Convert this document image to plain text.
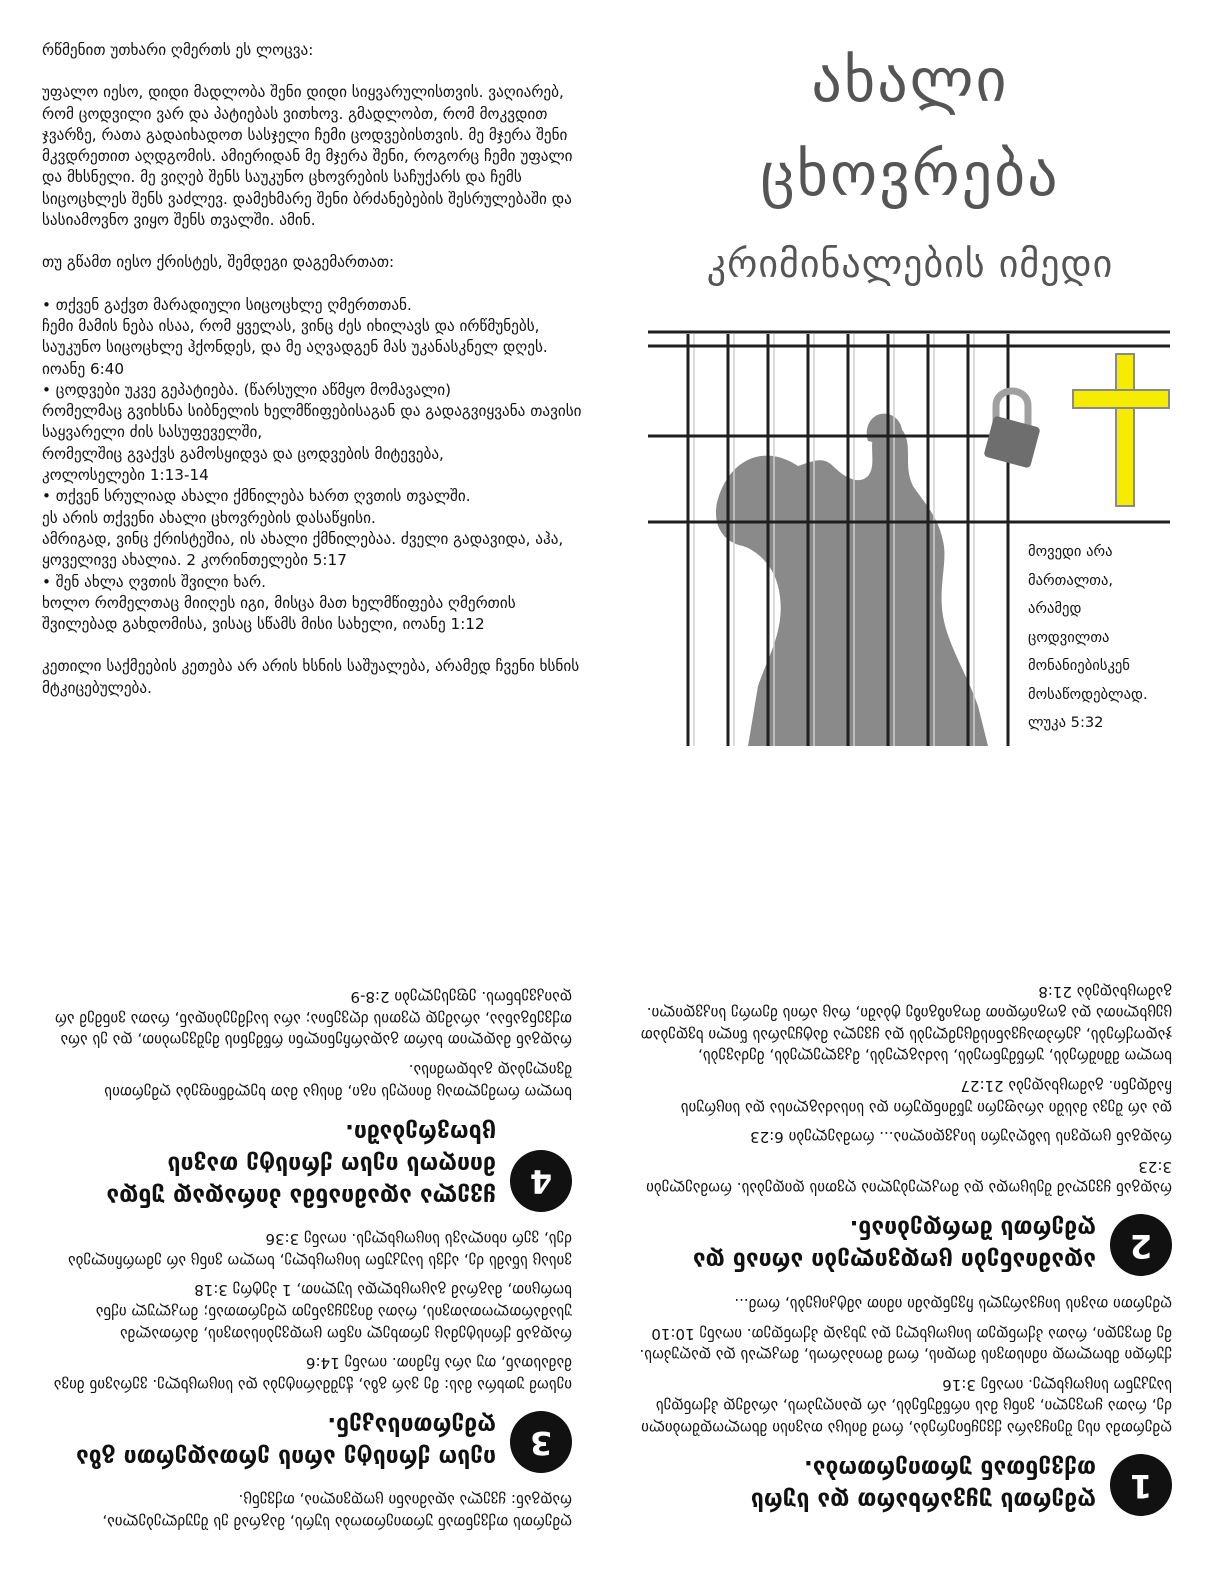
რწმენით უთხარი ღმერთს ეს ლოცვა:

უფალო იესო, დიდი მადლობა შენი დიდი სიყვარულისთვის. ვაღიარებ, რომ ცოდვილი ვარ და პატიებას ვითხოვ. გმადლობთ, რომ მოკვდით ჯვარზე, რათა გადაიხადოთ სასჯელი ჩემი ცოდვებისთვის. მე მჯერა შენი მკვდრეთით აღდგომის. ამიერიდან მე მჯერა შენი, როგორც ჩემი უფალი და მხსნელი. მე ვიღებ შენს საუკუნო ცხოვრების საჩუქარს და ჩემს სიცოცხლეს შენს ვაძლევ. დამეხმარე შენი ბრძანებების შესრულებაში და სასიამოვნო ვიყო შენს თვალში. ამინ.

თუ გწამთ იესო ქრისტეს, შემდეგი დაგემართათ:

• თქვენ გაქვთ მარადიული სიცოცხლე ღმერთთან.
ჩემი მამის ნება ისაა, რომ ყველას, ვინც ძეს იხილავს და ირწმუნებს, საუკუნო სიცოცხლე ჰქონდეს, და მე აღვადგენ მას უკანასკნელ დღეს. იოანე 6:40

• ცოდვები უკვე გეპატიება. (წარსული აწმყო მომავალი)
რომელმაც გვიხსნა სიბნელის ხელმწიფებისაგან და გადაგვიყვანა თავისი საყვარელი ძის სასუფეველში,
რომელშიც გვაქვს გამოსყიდვა და ცოდვების მიტევება,
კოლოსელები 1:13-14

• თქვენ სრულიად ახალი ქმნილება ხართ ღვთის თვალში.
ეს არის თქვენი ახალი ცხოვრების დასაწყისი.
ამრიგად, ვინც ქრისტეშია, ის ახალი ქმნილებაა. ძველი გადავიდა, აჰა, ყოველივე ახალია. 2 კორინთელები 5:17

• შენ ახლა ღვთის შვილი ხარ.
ხოლო რომელთაც მიიღეს იგი, მისცა მათ ხელმწიფება ღმერთის შვილებად გახდომისა, ვისაც სწამს მისი სახელი, იოანე 1:12

კეთილი საქმეების კეთება არ არის ხსნის საშუალება, არამედ ჩვენი ხსნის მტკიცებულება.

ახალი
ცხოვრება
კრიმინალების იმედი
მოვედი არა
მართალთა,
არამედ
ცოდვილთა
მონანიებისკენ
მოსაწოდებლად.
ლუკა 5:32

ღმერთს თქვენთან ურთიერთობა სურს, მაგრამ ეს შეუძლებელია, რადგან: ყველა ადამიანი ცოდვილია, თქვენც.

3
იესო ქრისტე არის ერთადერთი გზა ღმერთისაკენ.

იესომ უთხრა მას: მე ვარ გზა, ჭეშმარიტება და სიცოცხლე. ვერავინ მივა მამასთან, თუ არა ჩემით. იოანე 14:6

რადგან ქრისტემაც ერთხელ ივნო ცოდვებისათვის, მართალმა უსამართლოთათვის, რათა მივეყვანეთ ღმერთთან; მოკლულ იქნა ხორცით, მაგრამ გაცოცხლდა სულით, 1 პეტრე 3:18

ვისაც სწამს ძე, აქვს საუკუნო სიცოცხლე, ხოლო ვინც არ ემორჩილება ძეს, ვერ იხილავს სიცოცხლეს. იოანე 3:36

4
ყველა ადამიანმა პირადად უნდა მიიღოს იესო ქრისტე თავის ცხოვრებაში.

ხოლო რომელთაც მიიღეს იგი, მისცა მათ ხელმწიფება ღმერთის შვილებად გახდომისა.

რადგან მადლით ხართ გადარჩენილნი რწმენის მეშვეობით, და ეს არა თქვენგანაა, არამედ ღვთის ძღვენია; არა საქმეებიდან, რათა ვინმემ არ დაიკვეხნოს. ეფესელები 2:8-9

1
ღმერთს უყვარხართ და სურს თქვენთან ურთიერთობა.

ღმერთმა ისე შეიყვარა ქვეყნიერება, რომ მისცა თავისი მხოლოდშობილი ძე, რათა ყოველი, ვინც მას ირწმუნებს, არ დაიღუპოს, არამედ ჰქონდეს საუკუნო სიცოცხლე. იოანე 3:16

ქურდი მხოლოდ იმისთვის მოდის, რომ მოიპაროს, მოკლას და დაღუპოს. მე მოვედი, რათა ჰქონდეთ სიცოცხლე და უხვად ჰქონდეთ. იოანე 10:10

ღმერთი თავის სიყვარულს ჩვენდამი იმით ამტკიცებს, რომ...

2
ადამიანები ცოდვილები არიან და ღმერთს შორდებიან.

რადგან ყველამ შესცოდა და მოკლებულია ღვთის დიდებას. რომაელები 3:23

რადგან ცოდვის საზღაური სიკვდილია... რომაელები 6:23

და არ შევა მასში არაფერი უწმინდური და სისაძაგლისა და სიცრუის ჩამდენი. გამოცხადება 21:27

ხოლო მშიშრებს, ურწმუნოებს, საძაგლებს, მკვლელებს, მეძავებს, ჯადოქრებს, კერპთაყვანისმცემლებს და ყველა მატყუარას წილი ხვდებათ ცეცხლითა და გოგირდით მოგიზგიზე ტბაში, რაც არის მეორე სიკვდილი. გამოცხადება 21:8
